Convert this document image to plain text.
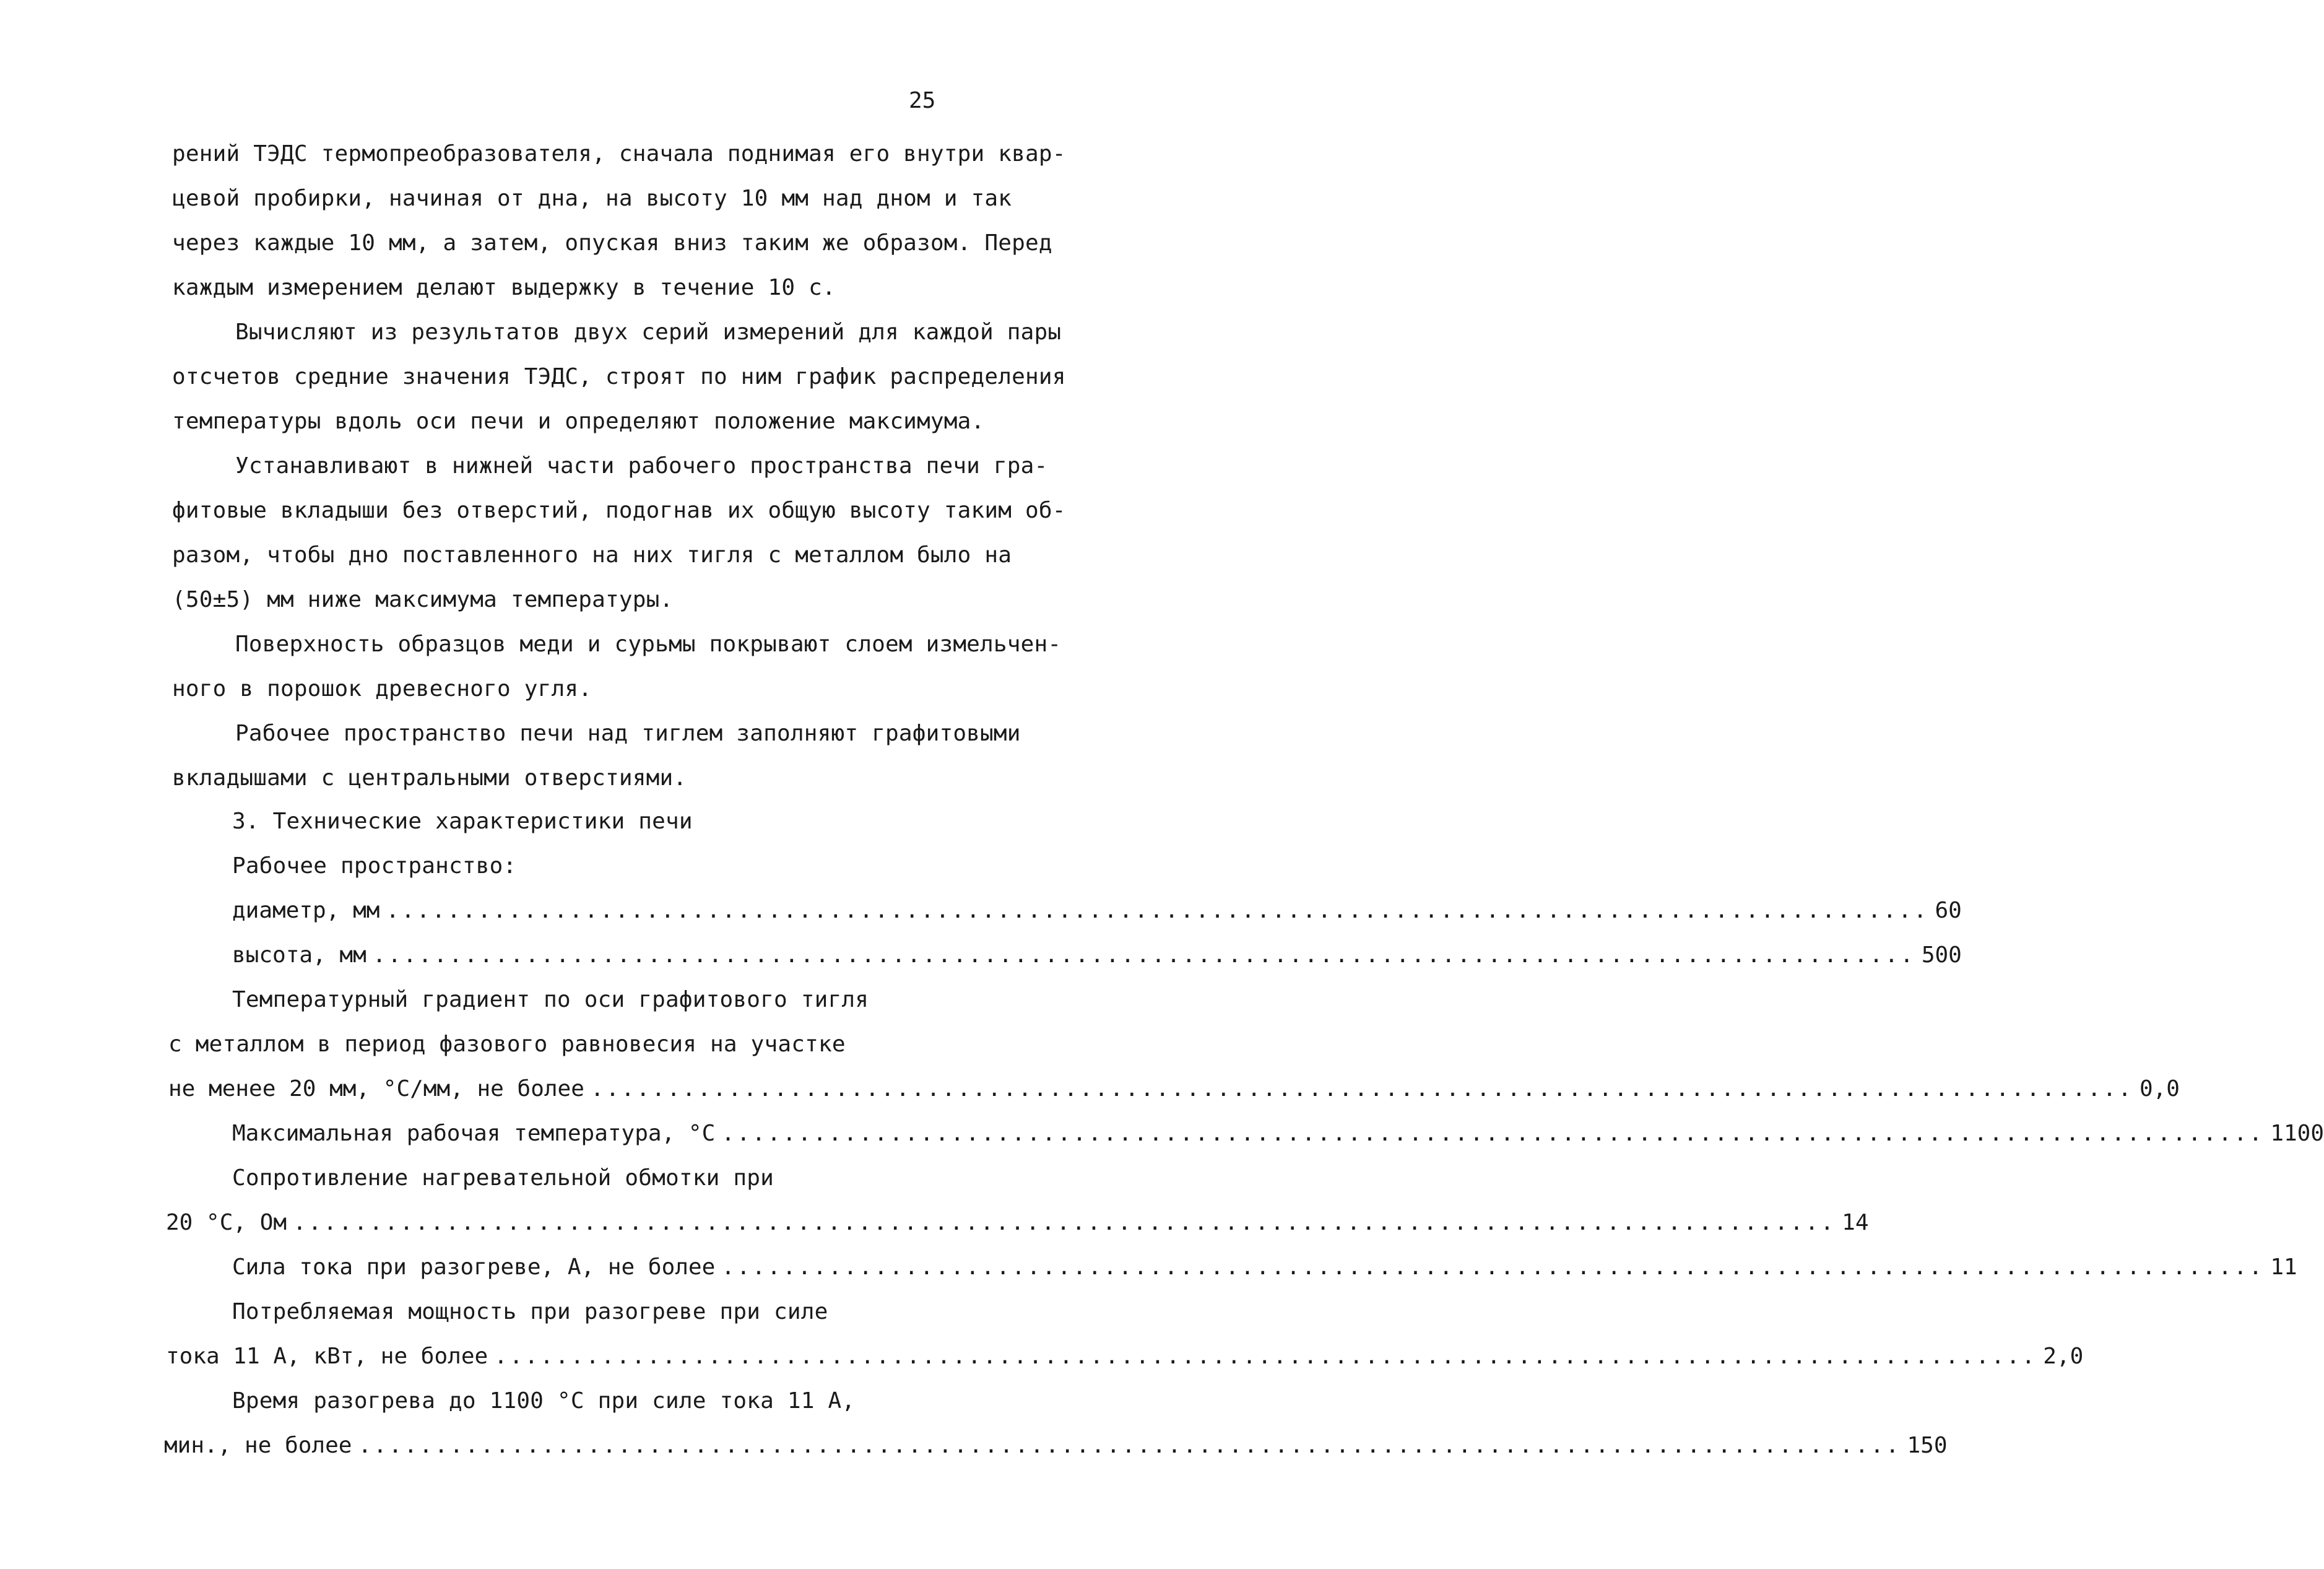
25
рений ТЭДС термопреобразователя, сначала поднимая его внутри квар-
цевой пробирки, начиная от дна, на высоту 10 мм над дном и так
через каждые 10 мм, а затем, опуская вниз таким же образом. Перед
каждым измерением делают выдержку в течение 10 с.
Вычисляют из результатов двух серий измерений для каждой пары
отсчетов средние значения ТЭДС, строят по ним график распределения
температуры вдоль оси печи и определяют положение максимума.
Устанавливают в нижней части рабочего пространства печи гра-
фитовые вкладыши без отверстий, подогнав их общую высоту таким об-
разом, чтобы дно поставленного на них тигля с металлом было на
(50±5) мм ниже максимума температуры.
Поверхность образцов меди и сурьмы покрывают слоем измельчен-
ного в порошок древесного угля.
Рабочее пространство печи над тиглем заполняют графитовыми
вкладышами с центральными отверстиями.
3. Технические характеристики печи
Рабочее пространство:
диаметр, мм ..................................................................................................... 60
высота, мм ..................................................................................................... 500
Температурный градиент по оси графитового тигля
с металлом в период фазового равновесия на участке
не менее 20 мм, °С/мм, не более ..................................................................................................... 0,0
Максимальная рабочая температура, °С ..................................................................................................... 1100
Сопротивление нагревательной обмотки при
20 °С, Ом ..................................................................................................... 14
Сила тока при разогреве, А, не более ..................................................................................................... 11
Потребляемая мощность при разогреве при силе
тока 11 А, кВт, не более ..................................................................................................... 2,0
Время разогрева до 1100 °С при силе тока 11 А,
мин., не более ..................................................................................................... 150
